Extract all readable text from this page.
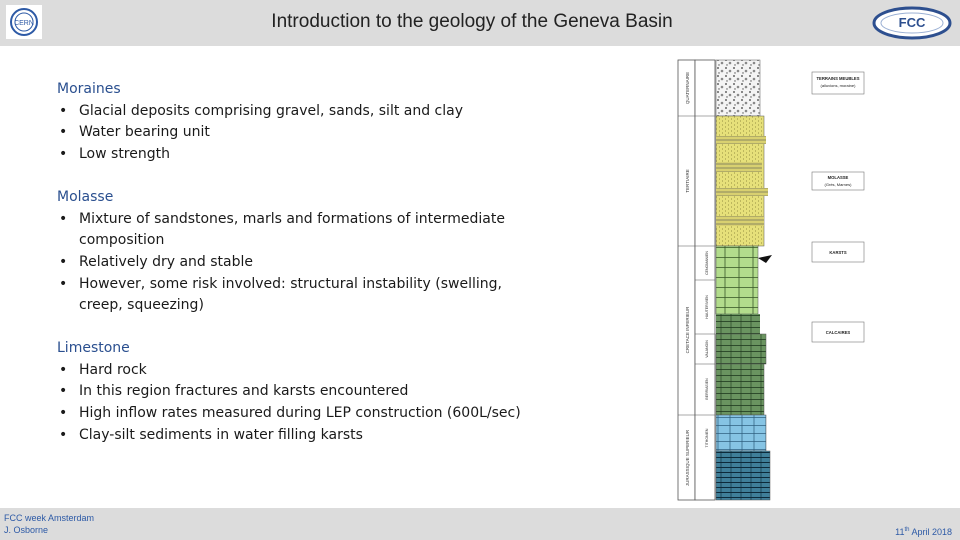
CERN	Introduction to the geology of the Geneva Basin	FCC
Moraines
• Glacial deposits comprising gravel, sands, silt and clay
• Water bearing unit
• Low strength
Molasse
• Mixture of sandstones, marls and formations of intermediate composition
• Relatively dry and stable
• However, some risk involved: structural instability (swelling, creep, squeezing)
Limestone
• Hard rock
• In this region fractures and karsts encountered
• High inflow rates measured during LEP construction (600L/sec)
• Clay-silt sediments in water filling karsts
QUATERNAIRE
TERTIAIRE
CRETACE INFERIEUR
JURASSIQUE SUPERIEUR
CENOMANIEN
HAUTERIVIEN
VALANGIN
BERRIASIEN
TITHONIEN
TERRAINS MEUBLES
(alluvions, moraine)
MOLASSE
(Grès, Marnes)
KARSTS
CALCAIRES
FCC week Amsterdam
J. Osborne	11th April 2018
